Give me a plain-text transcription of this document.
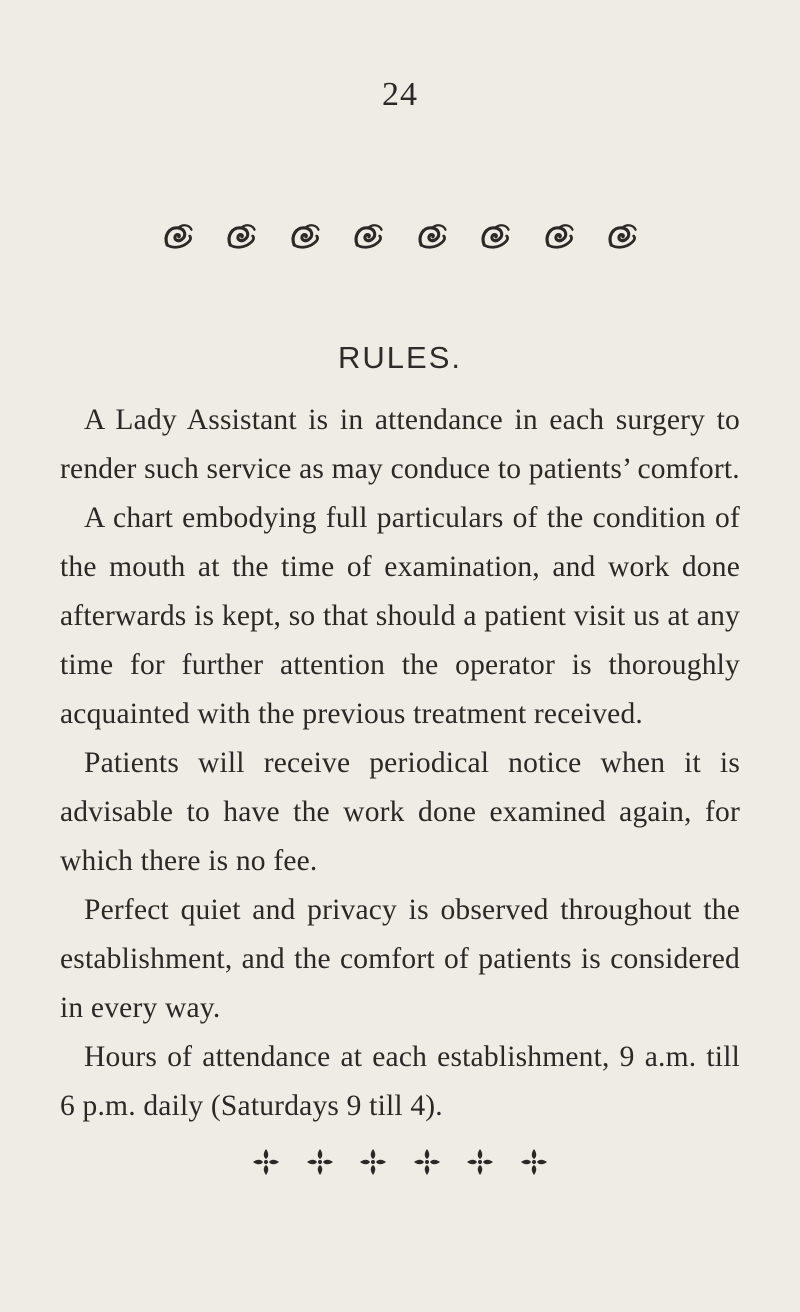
24
RULES.

A Lady Assistant is in attendance in each surgery to render such service as may conduce to patients’ comfort.

A chart embodying full particulars of the condition of the mouth at the time of examination, and work done afterwards is kept, so that should a patient visit us at any time for further attention the operator is thoroughly acquainted with the previous treatment received.

Patients will receive periodical notice when it is advisable to have the work done examined again, for which there is no fee.

Perfect quiet and privacy is observed throughout the establishment, and the comfort of patients is considered in every way.

Hours of attendance at each establishment, 9 a.m. till 6 p.m. daily (Saturdays 9 till 4).
